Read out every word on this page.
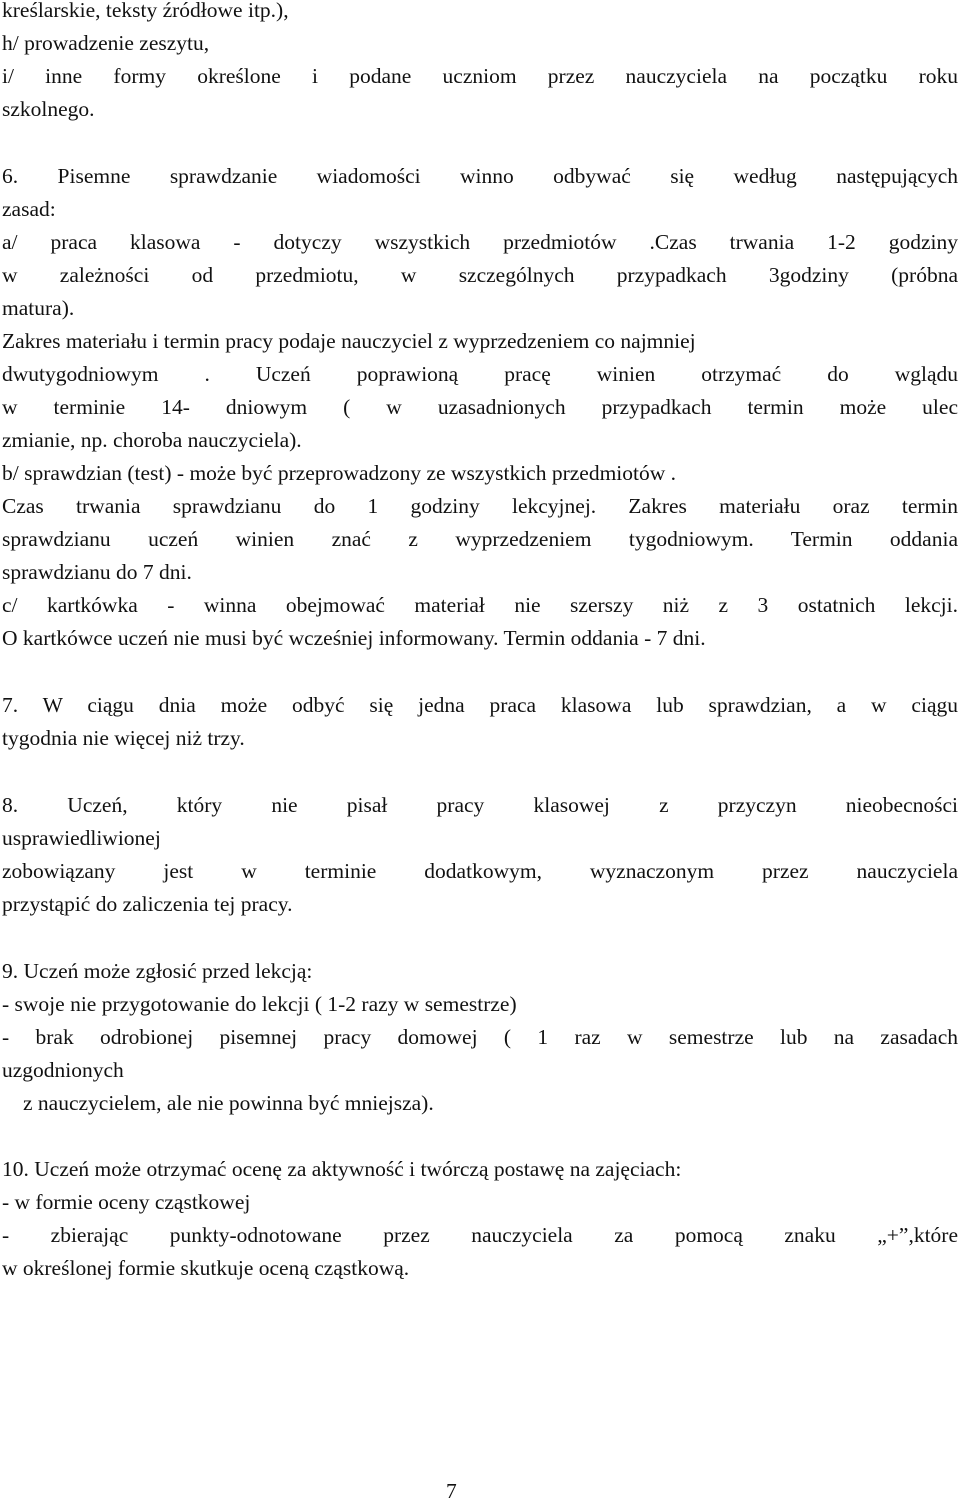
kreślarskie, teksty źródłowe itp.),
h/ prowadzenie zeszytu,
i/ inne formy określone i podane uczniom przez nauczyciela na początku roku
szkolnego.
6. Pisemne sprawdzanie wiadomości winno odbywać się według następujących
zasad:
a/ praca klasowa - dotyczy wszystkich przedmiotów .Czas trwania 1-2 godziny
w zależności od przedmiotu, w szczególnych przypadkach 3godziny (próbna
matura).
Zakres materiału i termin pracy podaje nauczyciel z wyprzedzeniem co najmniej
dwutygodniowym . Uczeń poprawioną pracę winien otrzymać do wglądu
w terminie 14- dniowym ( w uzasadnionych przypadkach termin może ulec
zmianie, np. choroba nauczyciela).
b/ sprawdzian (test) - może być przeprowadzony ze wszystkich przedmiotów .
Czas trwania sprawdzianu do 1 godziny lekcyjnej. Zakres materiału oraz termin
sprawdzianu uczeń winien znać z wyprzedzeniem tygodniowym. Termin oddania
sprawdzianu do 7 dni.
c/ kartkówka - winna obejmować materiał nie szerszy niż z 3 ostatnich lekcji.
O kartkówce uczeń nie musi być wcześniej informowany. Termin oddania - 7 dni.
7. W ciągu dnia może odbyć się jedna praca klasowa lub sprawdzian, a w ciągu
tygodnia nie więcej niż trzy.
8. Uczeń, który nie pisał pracy klasowej z przyczyn nieobecności
usprawiedliwionej
zobowiązany jest w terminie dodatkowym, wyznaczonym przez nauczyciela
przystąpić do zaliczenia tej pracy.
9. Uczeń może zgłosić przed lekcją:
- swoje nie przygotowanie do lekcji ( 1-2 razy w semestrze)
- brak odrobionej pisemnej pracy domowej ( 1 raz w semestrze lub na zasadach
uzgodnionych
z nauczycielem, ale nie powinna być mniejsza).
10. Uczeń może otrzymać ocenę za aktywność i twórczą postawę na zajęciach:
- w formie oceny cząstkowej
- zbierając punkty-odnotowane przez nauczyciela za pomocą znaku „+”,które
w określonej formie skutkuje oceną cząstkową.
7
